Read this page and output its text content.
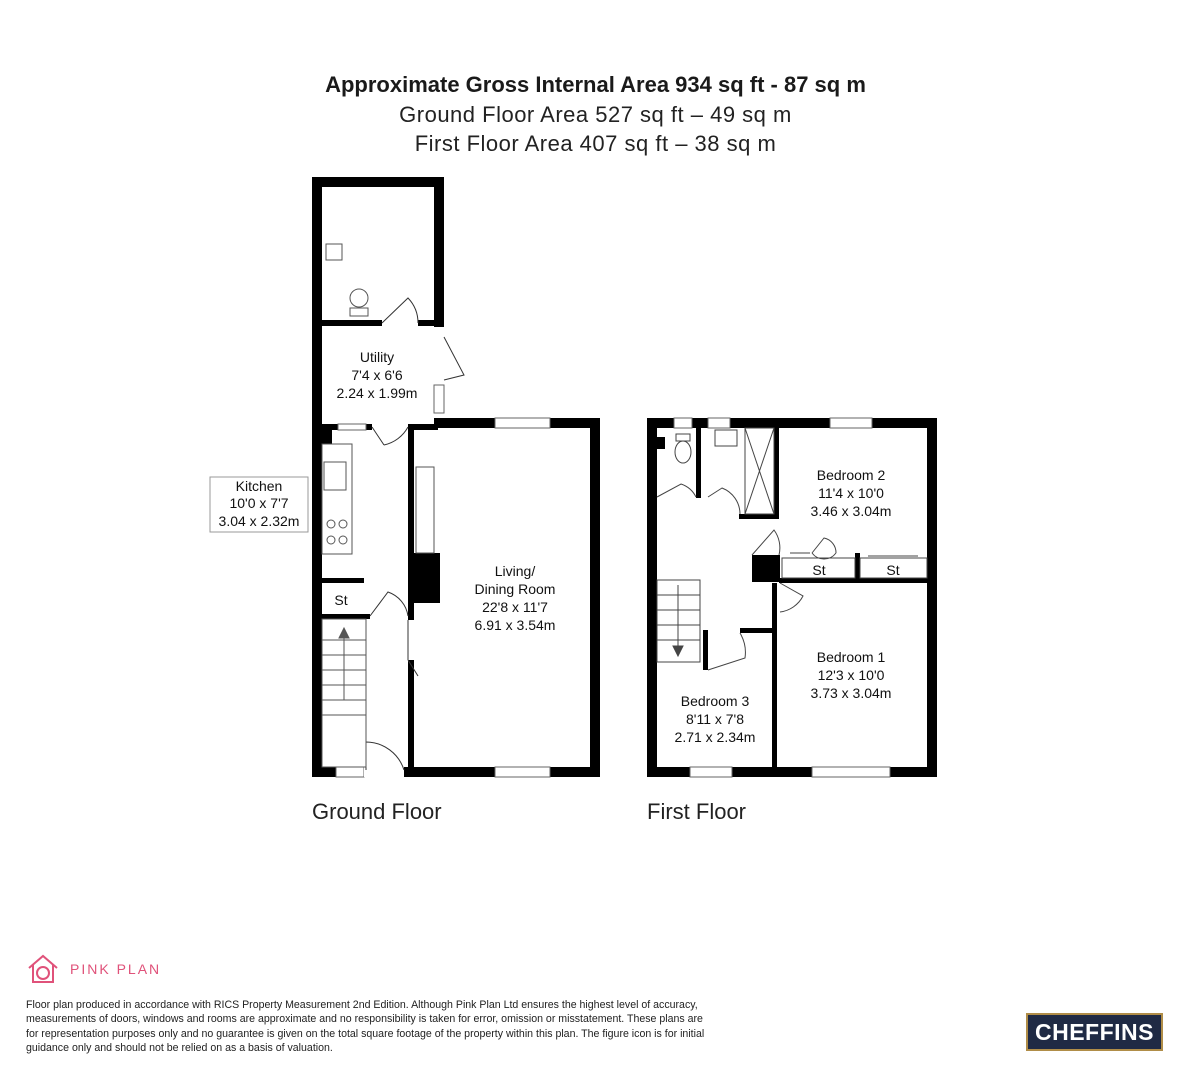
Approximate Gross Internal Area 934 sq ft - 87 sq m
Ground Floor Area 527 sq ft – 49 sq m
First Floor Area 407 sq ft – 38 sq m
Utility
7'4 x 6'6
2.24 x 1.99m
Kitchen
10'0 x 7'7
3.04 x 2.32m
Living/
Dining Room
22'8 x 11'7
6.91 x 3.54m
St
Ground Floor
Bedroom 2
11'4 x 10'0
3.46 x 3.04m
Bedroom 1
12'3 x 10'0
3.73 x 3.04m
Bedroom 3
8'11 x 7'8
2.71 x 2.34m
St	St
First Floor
PINK PLAN
Floor plan produced in accordance with RICS Property Measurement 2nd Edition. Although Pink Plan Ltd ensures the highest level of accuracy, measurements of doors, windows and rooms are approximate and no responsibility is taken for error, omission or misstatement. These plans are for representation purposes only and no guarantee is given on the total square footage of the property within this plan. The figure icon is for initial guidance only and should not be relied on as a basis of valuation.
CHEFFINS
